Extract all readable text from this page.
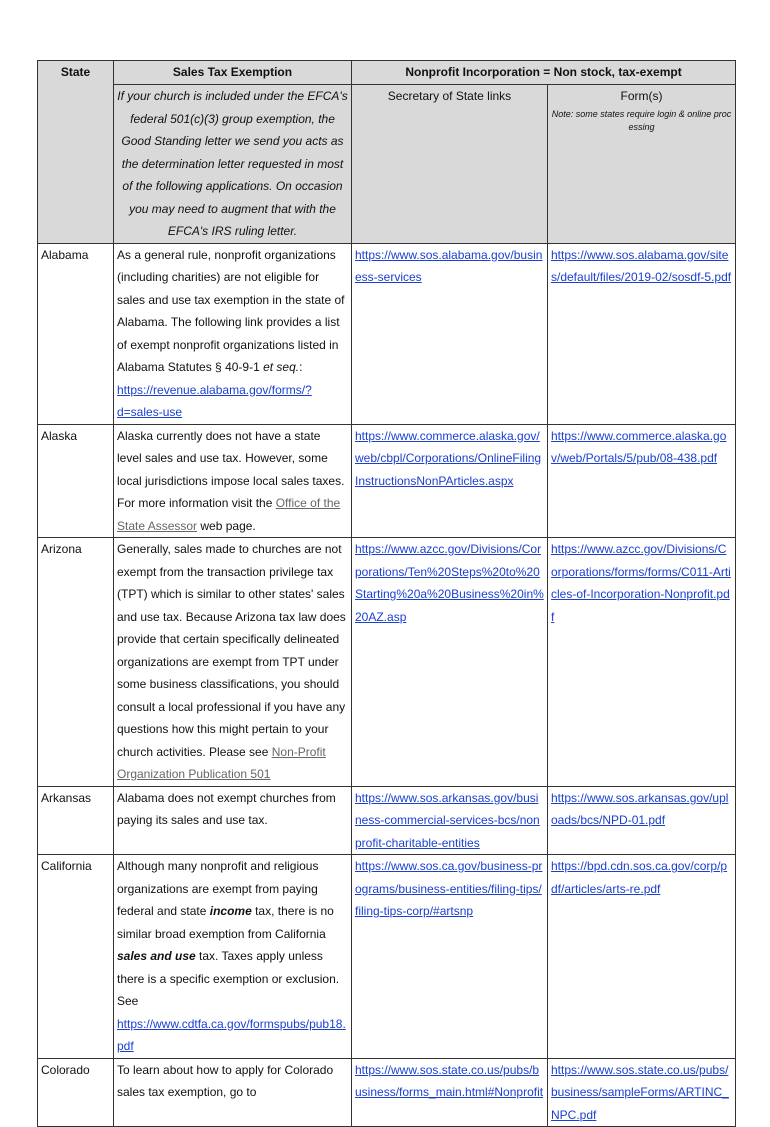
State	Sales Tax Exemption	Nonprofit Incorporation = Non stock, tax-exempt	
	If your church is included under the EFCA's federal 501(c)(3) group exemption, the Good Standing letter we send you acts as the determination letter requested in most of the following applications. On occasion you may need to augment that with the EFCA's IRS ruling letter.	Secretary of State links	Form(s)
Note: some states require login & online processing

Alabama	As a general rule, nonprofit organizations (including charities) are not eligible for sales and use tax exemption in the state of Alabama. The following link provides a list of exempt nonprofit organizations listed in Alabama Statutes § 40-9-1 et seq.: https://revenue.alabama.gov/forms/?d=sales-use	https://www.sos.alabama.gov/business-services	https://www.sos.alabama.gov/sites/default/files/2019-02/sosdf-5.pdf
Alaska	Alaska currently does not have a state level sales and use tax. However, some local jurisdictions impose local sales taxes. For more information visit the Office of the State Assessor web page.	https://www.commerce.alaska.gov/web/cbpl/Corporations/OnlineFilingInstructionsNonPArticles.aspx	https://www.commerce.alaska.gov/web/Portals/5/pub/08-438.pdf
Arizona	Generally, sales made to churches are not exempt from the transaction privilege tax (TPT) which is similar to other states' sales and use tax. Because Arizona tax law does provide that certain specifically delineated organizations are exempt from TPT under some business classifications, you should consult a local professional if you have any questions how this might pertain to your church activities. Please see Non-Profit Organization Publication 501	https://www.azcc.gov/Divisions/Corporations/Ten%20Steps%20to%20Starting%20a%20Business%20in%20AZ.asp	https://www.azcc.gov/Divisions/Corporations/forms/forms/C011-Articles-of-Incorporation-Nonprofit.pdf
Arkansas	Alabama does not exempt churches from paying its sales and use tax.	https://www.sos.arkansas.gov/business-commercial-services-bcs/nonprofit-charitable-entities	https://www.sos.arkansas.gov/uploads/bcs/NPD-01.pdf
California	Although many nonprofit and religious organizations are exempt from paying federal and state income tax, there is no similar broad exemption from California sales and use tax. Taxes apply unless there is a specific exemption or exclusion. See https://www.cdtfa.ca.gov/formspubs/pub18.pdf	https://www.sos.ca.gov/business-programs/business-entities/filing-tips/filing-tips-corp/#artsnp	https://bpd.cdn.sos.ca.gov/corp/pdf/articles/arts-re.pdf
Colorado	To learn about how to apply for Colorado sales tax exemption, go to	https://www.sos.state.co.us/pubs/business/forms_main.html#Nonprofit	https://www.sos.state.co.us/pubs/business/sampleForms/ARTINC_NPC.pdf
